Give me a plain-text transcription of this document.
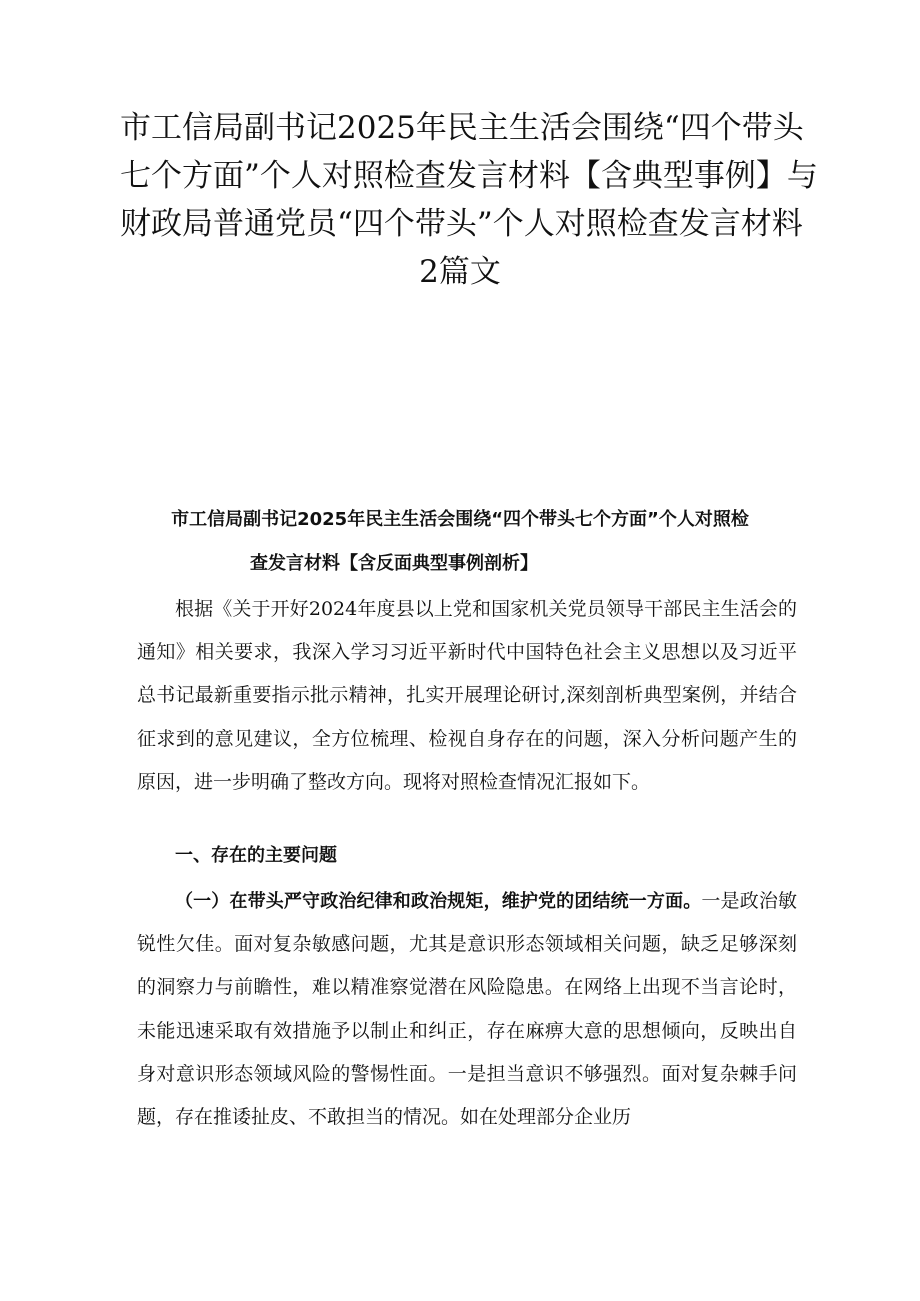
市工信局副书记2025年民主生活会围绕“四个带头
七个方面”个人对照检查发言材料【含典型事例】与
财政局普通党员“四个带头”个人对照检查发言材料
2篇文
市工信局副书记2025年民主生活会围绕“四个带头七个方面”个人对照检
查发言材料【含反面典型事例剖析】

根据《关于开好2024年度县以上党和国家机关党员领导干部民主生活会的通知》相关要求，我深入学习习近平新时代中国特色社会主义思想以及习近平总书记最新重要指示批示精神，扎实开展理论研讨,深刻剖析典型案例，并结合征求到的意见建议，全方位梳理、检视自身存在的问题，深入分析问题产生的原因，进一步明确了整改方向。现将对照检查情况汇报如下。

一、存在的主要问题

（一）在带头严守政治纪律和政治规矩，维护党的团结统一方面。一是政治敏锐性欠佳。面对复杂敏感问题，尤其是意识形态领域相关问题，缺乏足够深刻的洞察力与前瞻性，难以精准察觉潜在风险隐患。在网络上出现不当言论时，未能迅速采取有效措施予以制止和纠正，存在麻痹大意的思想倾向，反映出自身对意识形态领域风险的警惕性面。一是担当意识不够强烈。面对复杂棘手问题，存在推诿扯皮、不敢担当的情况。如在处理部分企业历
